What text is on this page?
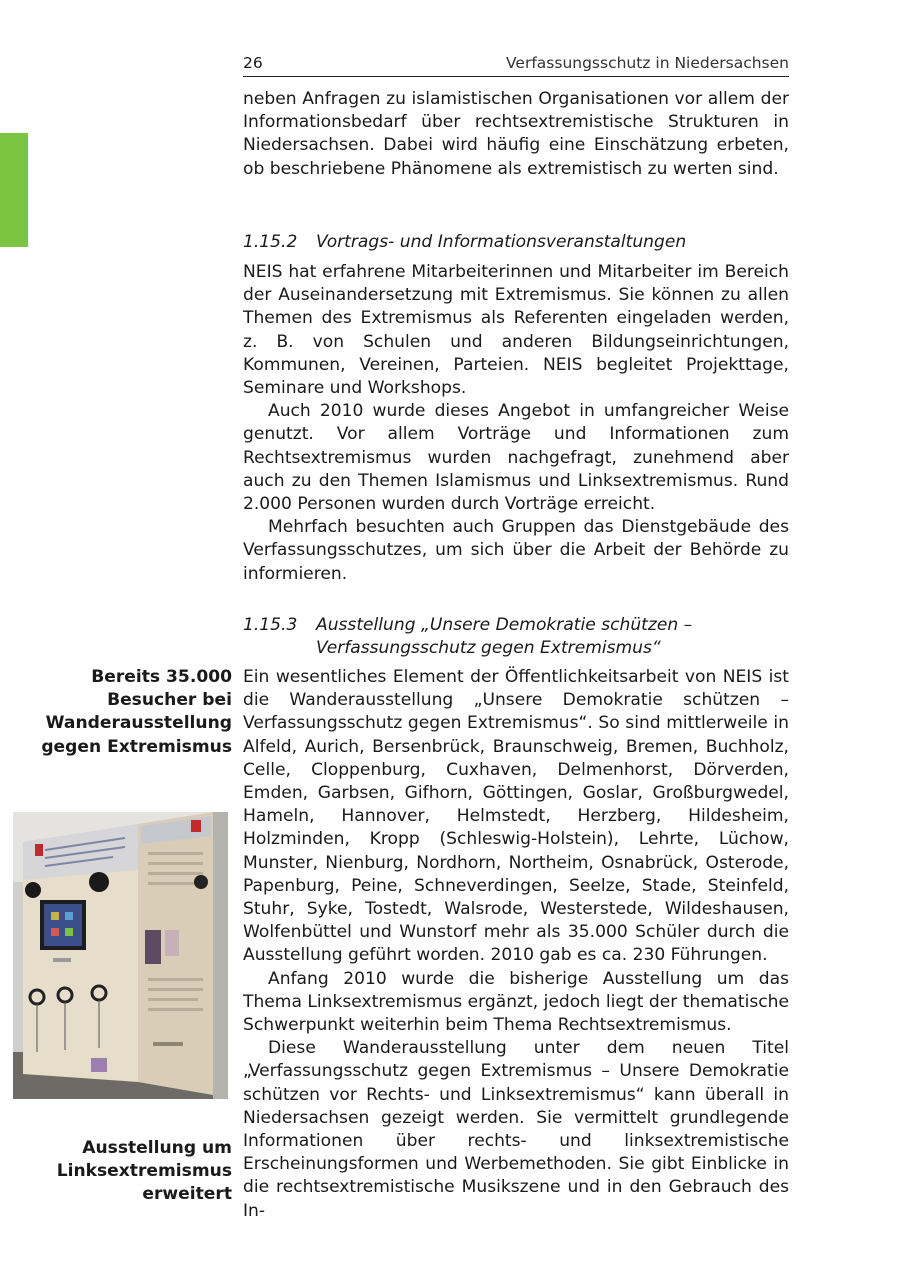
26	Verfassungsschutz in Niedersachsen

neben Anfragen zu islamistischen Organisationen vor allem der Informationsbedarf über rechtsextremistische Strukturen in Niedersachsen. Dabei wird häufig eine Einschätzung erbeten, ob beschriebene Phänomene als extremistisch zu werten sind.

1.15.2 Vortrags- und Informationsveranstaltungen

NEIS hat erfahrene Mitarbeiterinnen und Mitarbeiter im Bereich der Auseinandersetzung mit Extremismus. Sie können zu allen Themen des Extremismus als Referenten eingeladen werden, z. B. von Schulen und anderen Bildungseinrichtungen, Kommunen, Vereinen, Parteien. NEIS begleitet Projekttage, Seminare und Workshops.

Auch 2010 wurde dieses Angebot in umfangreicher Weise genutzt. Vor allem Vorträge und Informationen zum Rechtsextremismus wurden nachgefragt, zunehmend aber auch zu den Themen Islamismus und Linksextremismus. Rund 2.000 Personen wurden durch Vorträge erreicht.

Mehrfach besuchten auch Gruppen das Dienstgebäude des Verfassungsschutzes, um sich über die Arbeit der Behörde zu informieren.

1.15.3 Ausstellung „Unsere Demokratie schützen – Verfassungsschutz gegen Extremismus“

Ein wesentliches Element der Öffentlichkeitsarbeit von NEIS ist die Wanderausstellung „Unsere Demokratie schützen – Verfassungsschutz gegen Extremismus“. So sind mittlerweile in Alfeld, Aurich, Bersenbrück, Braunschweig, Bremen, Buchholz, Celle, Cloppenburg, Cuxhaven, Delmenhorst, Dörverden, Emden, Garbsen, Gifhorn, Göttingen, Goslar, Großburgwedel, Hameln, Hannover, Helmstedt, Herzberg, Hildesheim, Holzminden, Kropp (Schleswig-Holstein), Lehrte, Lüchow, Munster, Nienburg, Nordhorn, Northeim, Osnabrück, Osterode, Papenburg, Peine, Schneverdingen, Seelze, Stade, Steinfeld, Stuhr, Syke, Tostedt, Walsrode, Westerstede, Wildeshausen, Wolfenbüttel und Wunstorf mehr als 35.000 Schüler durch die Ausstellung geführt worden. 2010 gab es ca. 230 Führungen.

Anfang 2010 wurde die bisherige Ausstellung um das Thema Linksextremismus ergänzt, jedoch liegt der thematische Schwerpunkt weiterhin beim Thema Rechtsextremismus.

Diese Wanderausstellung unter dem neuen Titel „Verfassungsschutz gegen Extremismus – Unsere Demokratie schützen vor Rechts- und Linksextremismus“ kann überall in Niedersachsen gezeigt werden. Sie vermittelt grundlegende Informationen über rechts- und linksextremistische Erscheinungsformen und Werbemethoden. Sie gibt Einblicke in die rechtsextremistische Musikszene und in den Gebrauch des In-

Bereits 35.000 Besucher bei Wanderausstellung gegen Extremismus
Ausstellung um Linksextremismus erweitert
